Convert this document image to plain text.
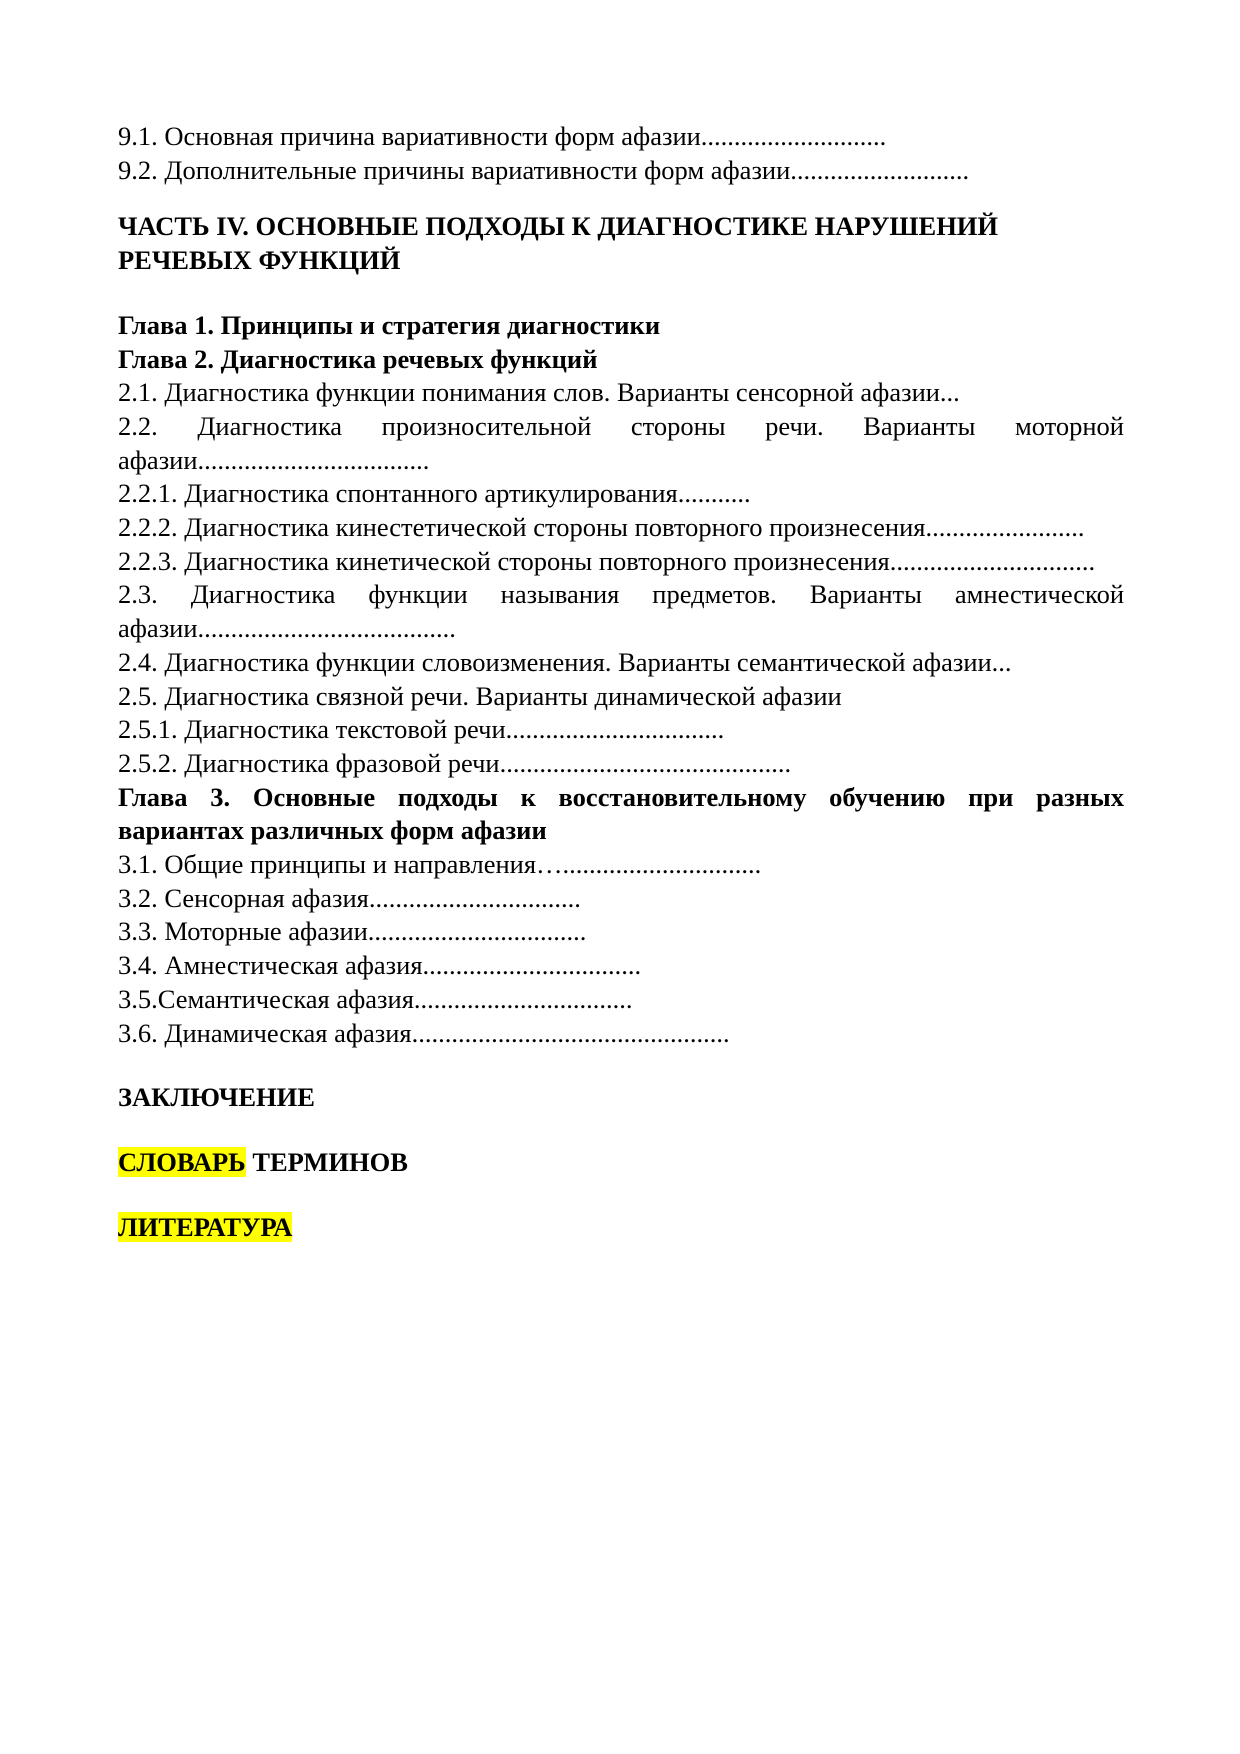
9.1. Основная причина вариативности форм афазии............................

9.2. Дополнительные причины вариативности форм афазии...........................

ЧАСТЬ IV. ОСНОВНЫЕ ПОДХОДЫ К ДИАГНОСТИКЕ НАРУШЕНИЙ РЕЧЕВЫХ ФУНКЦИЙ

Глава 1. Принципы и стратегия диагностики

Глава 2. Диагностика речевых функций

2.1. Диагностика функции понимания слов. Варианты сенсорной афазии...

2.2. Диагностика произносительной стороны речи. Варианты моторной афазии...................................

2.2.1. Диагностика спонтанного артикулирования...........

2.2.2. Диагностика кинестетической стороны повторного произнесения........................

2.2.3. Диагностика кинетической стороны повторного произнесения...............................

2.3. Диагностика функции называния предметов. Варианты амнестической афазии.......................................

2.4. Диагностика функции словоизменения. Варианты семантической афазии...

2.5. Диагностика связной речи. Варианты динамической афазии

2.5.1. Диагностика текстовой речи.................................

2.5.2. Диагностика фразовой речи............................................

Глава 3. Основные подходы к восстановительному обучению при разных вариантах различных форм афазии

3.1. Общие принципы и направления…..............................

3.2. Сенсорная афазия................................

3.3. Моторные афазии.................................

3.4. Амнестическая афазия.................................

3.5.Семантическая афазия.................................

3.6. Динамическая афазия................................................

ЗАКЛЮЧЕНИЕ

СЛОВАРЬ ТЕРМИНОВ

ЛИТЕРАТУРА
